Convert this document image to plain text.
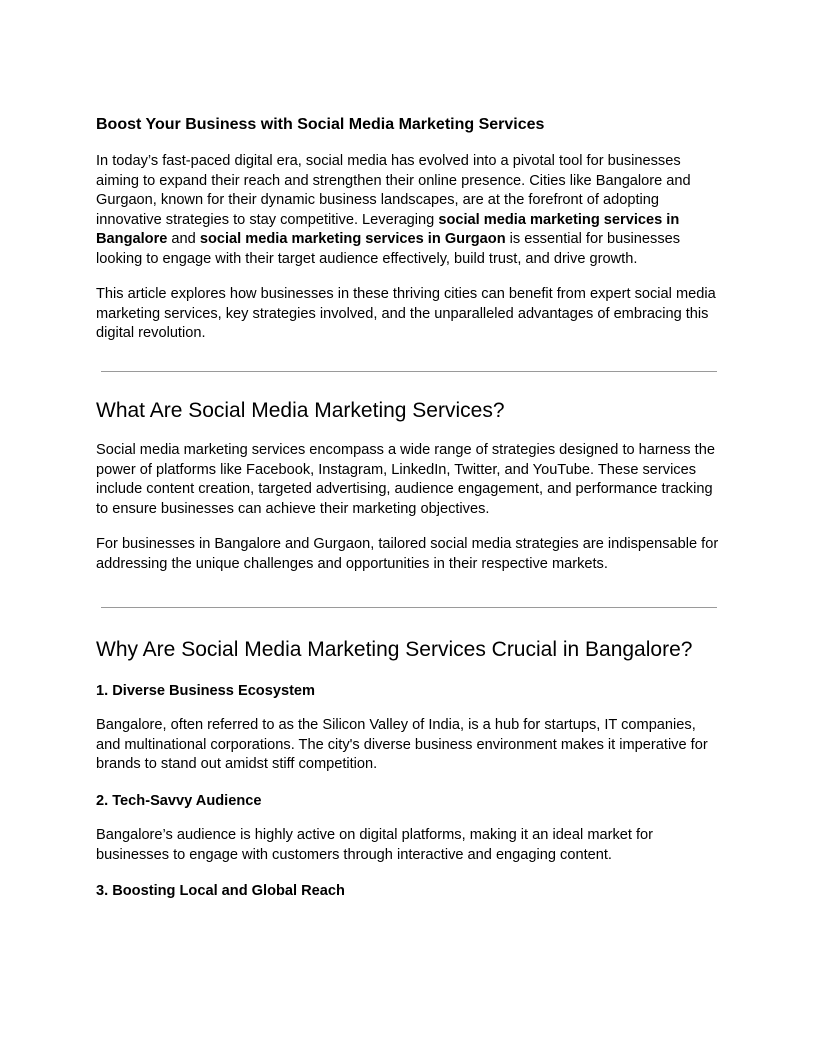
Boost Your Business with Social Media Marketing Services

In today’s fast-paced digital era, social media has evolved into a pivotal tool for businesses aiming to expand their reach and strengthen their online presence. Cities like Bangalore and Gurgaon, known for their dynamic business landscapes, are at the forefront of adopting innovative strategies to stay competitive. Leveraging social media marketing services in Bangalore and social media marketing services in Gurgaon is essential for businesses looking to engage with their target audience effectively, build trust, and drive growth.

This article explores how businesses in these thriving cities can benefit from expert social media marketing services, key strategies involved, and the unparalleled advantages of embracing this digital revolution.

What Are Social Media Marketing Services?

Social media marketing services encompass a wide range of strategies designed to harness the power of platforms like Facebook, Instagram, LinkedIn, Twitter, and YouTube. These services include content creation, targeted advertising, audience engagement, and performance tracking to ensure businesses can achieve their marketing objectives.

For businesses in Bangalore and Gurgaon, tailored social media strategies are indispensable for addressing the unique challenges and opportunities in their respective markets.

Why Are Social Media Marketing Services Crucial in Bangalore?
1. Diverse Business Ecosystem

Bangalore, often referred to as the Silicon Valley of India, is a hub for startups, IT companies, and multinational corporations. The city's diverse business environment makes it imperative for brands to stand out amidst stiff competition.

2. Tech-Savvy Audience

Bangalore’s audience is highly active on digital platforms, making it an ideal market for businesses to engage with customers through interactive and engaging content.

3. Boosting Local and Global Reach
